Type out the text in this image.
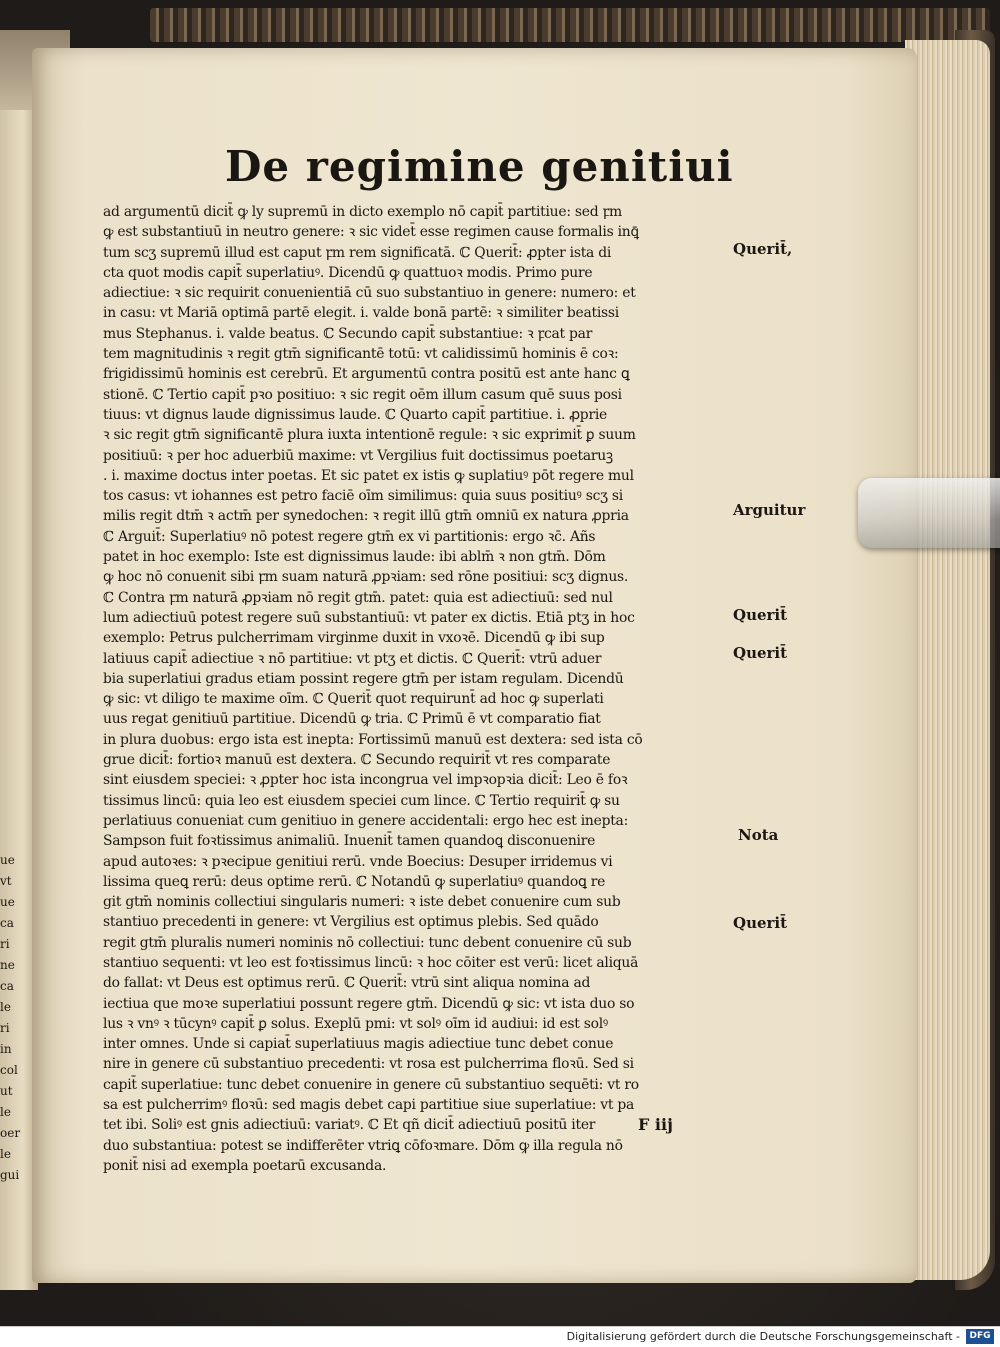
De regimine genitiui
ad argumentū dicit̄ ꝙ ly supremū in dicto exemplo nō capit̄ partitiue: sed ꝼm
ꝙ est substantiuū in neutro genere: ꝛ sic videt̄ esse regimen cause formalis inꝗ̄
tum scʒ supremū illud est caput ꝼm rem significatā. ℂ Querit̄: ꝓpter ista di
cta quot modis capit̄ superlatiuꝰ. Dicendū ꝙ quattuoꝛ modis. Primo pure
adiectiue: ꝛ sic requirit conuenientiā cū suo substantiuo in genere: numero: et
in casu: vt Mariā optimā partē elegit. i. valde bonā partē: ꝛ similiter beatissi
mus Stephanus. i. valde beatus. ℂ Secundo capit̄ substantiue: ꝛ ꝼcat par
tem magnitudinis ꝛ regit gtm̄ significantē totū: vt calidissimū hominis ē coꝛ:
frigidissimū hominis est cerebrū. Et argumentū contra positū est ante hanc ꝗ
stionē. ℂ Tertio capit̄ pꝛo positiuo: ꝛ sic regit oēm illum casum quē suus posi
tiuus: vt dignus laude dignissimus laude. ℂ Quarto capit̄ partitiue. i. ꝓprie
ꝛ sic regit gtm̄ significantē plura iuxta intentionē regule: ꝛ sic exprimit̄ ꝑ suum
positiuū: ꝛ per hoc aduerbiū maxime: vt Vergilius fuit doctissimus poetaruꝫ
. i. maxime doctus inter poetas. Et sic patet ex istis ꝙ suplatiuꝰ pōt regere mul
tos casus: vt iohannes est petro faciē oīm similimus: quia suus positiuꝰ scʒ si
milis regit dtm̄ ꝛ actm̄ per synedochen: ꝛ regit illū gtm̄ omniū ex natura ꝓpria
ℂ Arguit̄: Superlatiuꝰ nō potest regere gtm̄ ex vi partitionis: ergo ꝛc̄. Añs
patet in hoc exemplo: Iste est dignissimus laude: ibi ablm̄ ꝛ non gtm̄. Dōm
ꝙ hoc nō conuenit sibi ꝼm suam naturā ꝓpꝛiam: sed rōne positiui: scʒ dignus.
ℂ Contra ꝼm naturā ꝓpꝛiam nō regit gtm̄. patet: quia est adiectiuū: sed nul
lum adiectiuū potest regere suū substantiuū: vt pater ex dictis. Etiā ptʒ in hoc
exemplo: Petrus pulcherrimam virginme duxit in vxoꝛē. Dicendū ꝙ ibi sup
latiuus capit̄ adiectiue ꝛ nō partitiue: vt ptʒ et dictis. ℂ Querit̄: vtrū aduer
bia superlatiui gradus etiam possint regere gtm̄ per istam regulam. Dicendū
ꝙ sic: vt diligo te maxime oīm. ℂ Querit̄ quot requirunt̄ ad hoc ꝙ superlati
uus regat genitiuū partitiue. Dicendū ꝙ tria. ℂ Primū ē vt comparatio fiat
in plura duobus: ergo ista est inepta: Fortissimū manuū est dextera: sed ista cō
grue dicit̄: fortioꝛ manuū est dextera. ℂ Secundo requirit̄ vt res comparate
sint eiusdem speciei: ꝛ ꝓpter hoc ista incongrua vel impꝛopꝛia dicit̄: Leo ē foꝛ
tissimus lincū: quia leo est eiusdem speciei cum lince. ℂ Tertio requirit̄ ꝙ su
perlatiuus conueniat cum genitiuo in genere accidentali: ergo hec est inepta:
Sampson fuit foꝛtissimus animaliū. Inuenit̄ tamen quandoꝗ disconuenire
apud autoꝛes: ꝛ pꝛecipue genitiui rerū. vnde Boecius: Desuper irridemus vi
lissima queꝗ rerū: deus optime rerū. ℂ Notandū ꝙ superlatiuꝰ quandoꝗ re
git gtm̄ nominis collectiui singularis numeri: ꝛ iste debet conuenire cum sub
stantiuo precedenti in genere: vt Vergilius est optimus plebis. Sed quādo
regit gtm̄ pluralis numeri nominis nō collectiui: tunc debent conuenire cū sub
stantiuo sequenti: vt leo est foꝛtissimus lincū: ꝛ hoc cōiter est verū: licet aliquā
do fallat: vt Deus est optimus rerū. ℂ Querit̄: vtrū sint aliqua nomina ad
iectiua que moꝛe superlatiui possunt regere gtm̄. Dicendū ꝙ sic: vt ista duo so
lus ꝛ vnꝰ ꝛ tūcynꝰ capit̄ ꝑ solus. Exeplū pmi: vt solꝰ oīm id audiui: id est solꝰ
inter omnes. Unde si capiat̄ superlatiuus magis adiectiue tunc debet conue
nire in genere cū substantiuo precedenti: vt rosa est pulcherrima floꝛū. Sed si
capit̄ superlatiue: tunc debet conuenire in genere cū substantiuo sequēti: vt ro
sa est pulcherrimꝰ floꝛū: sed magis debet capi partitiue siue superlatiue: vt pa
tet ibi. Soliꝰ est gnis adiectiuū: variatꝰ. ℂ Et qñ dicit̄ adiectiuū positū iter
duo substantiua: potest se indifferēter vtriꝗ cōfoꝛmare. Dōm ꝙ illa regula nō
ponit̄ nisi ad exempla poetarū excusanda.
Querit̄,
Arguitur
Querit̄
Querit̄
Nota
Querit̄
F iij
ue
vt
ue
ca
ri
ne
ca
le
ri
in
col
ut
le
oer
le
gui
Digitalisierung gefördert durch die Deutsche Forschungsgemeinschaft -	DFG
